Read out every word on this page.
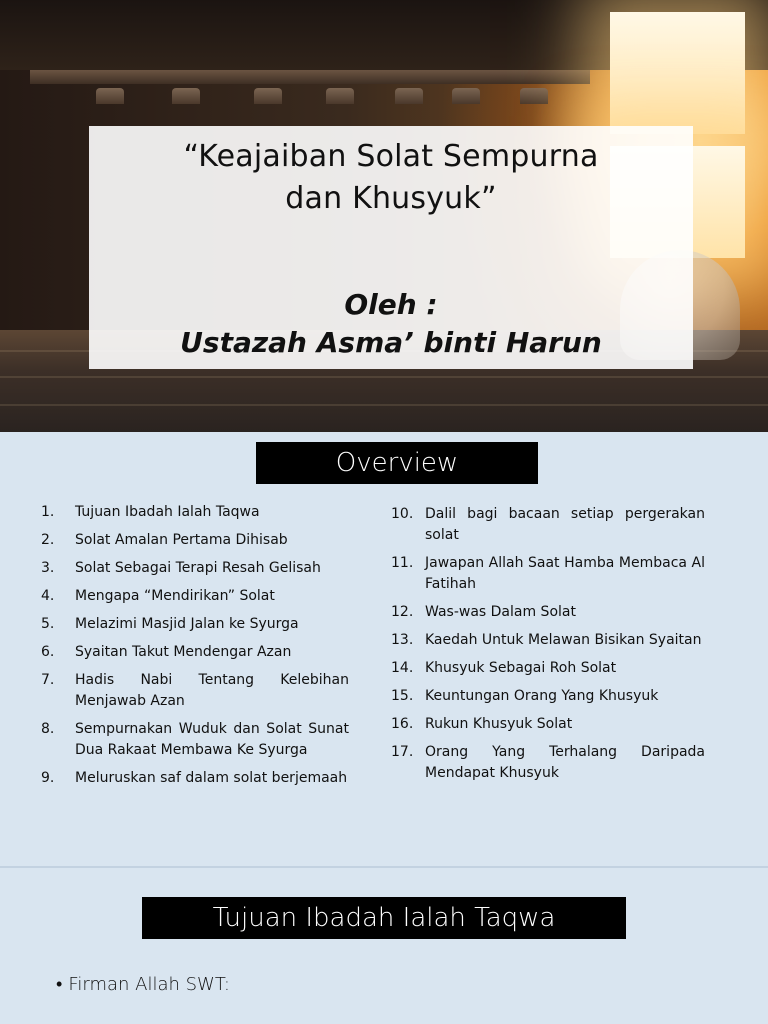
“Keajaiban Solat Sempurna
dan Khusyuk”
Oleh :
Ustazah Asma’ binti Harun
Overview
1. Tujuan Ibadah Ialah Taqwa
2. Solat Amalan Pertama Dihisab
3. Solat Sebagai Terapi Resah Gelisah
4. Mengapa “Mendirikan” Solat
5. Melazimi Masjid Jalan ke Syurga
6. Syaitan Takut Mendengar Azan
7. Hadis Nabi Tentang Kelebihan Menjawab Azan
8. Sempurnakan Wuduk dan Solat Sunat Dua Rakaat Membawa Ke Syurga
9. Meluruskan saf dalam solat berjemaah
10. Dalil bagi bacaan setiap pergerakan solat
11. Jawapan Allah Saat Hamba Membaca Al Fatihah
12. Was-was Dalam Solat
13. Kaedah Untuk Melawan Bisikan Syaitan
14. Khusyuk Sebagai Roh Solat
15. Keuntungan Orang Yang Khusyuk
16. Rukun Khusyuk Solat
17. Orang Yang Terhalang Daripada Mendapat Khusyuk
Tujuan Ibadah Ialah Taqwa
• Firman Allah SWT:
